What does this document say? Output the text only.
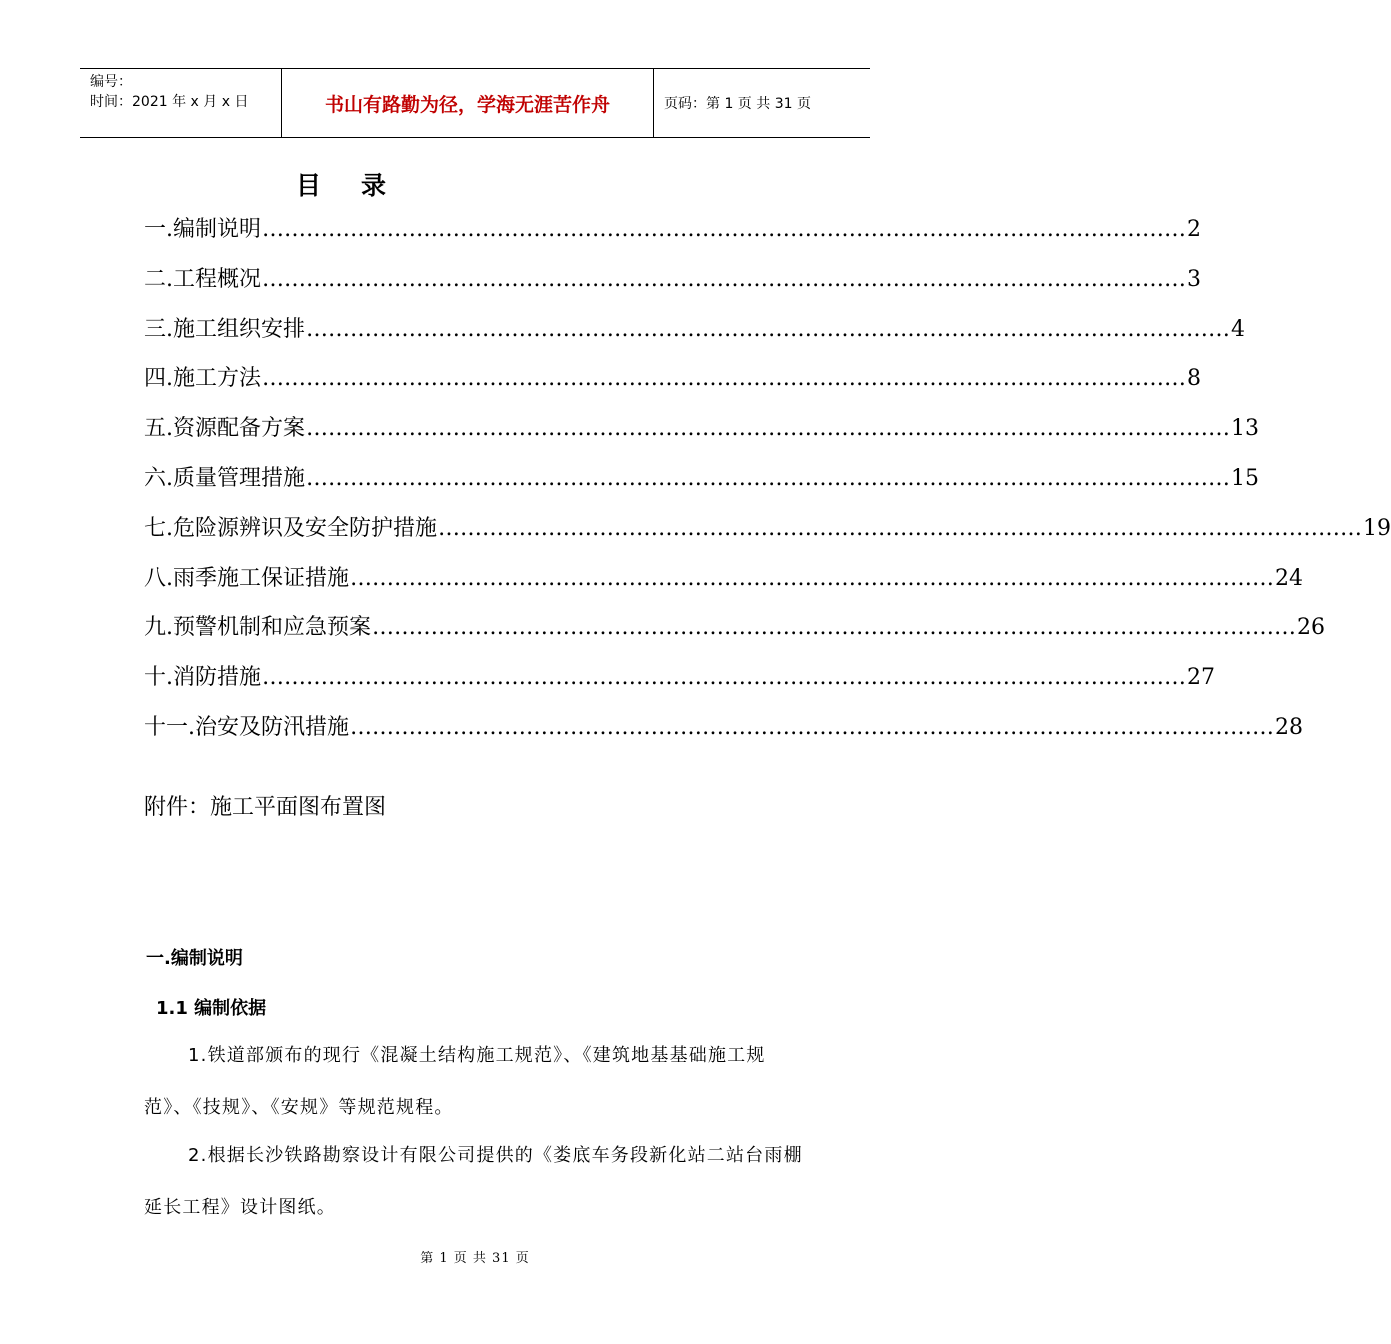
编号：
时间：2021 年 x 月 x 日	书山有路勤为径，学海无涯苦作舟	页码：第 1 页 共 31 页
目 录
一.编制说明 ……………………………………………………………………………………………………………… 2
二.工程概况 ……………………………………………………………………………………………………………… 3
三.施工组织安排 ……………………………………………………………………………………………………………… 4
四.施工方法 ……………………………………………………………………………………………………………… 8
五.资源配备方案 ……………………………………………………………………………………………………………… 13
六.质量管理措施 ……………………………………………………………………………………………………………… 15
七.危险源辨识及安全防护措施 ……………………………………………………………………………………………………………… 19
八.雨季施工保证措施 ……………………………………………………………………………………………………………… 24
九.预警机制和应急预案 ……………………………………………………………………………………………………………… 26
十.消防措施 ……………………………………………………………………………………………………………… 27
十一.治安及防汛措施 ……………………………………………………………………………………………………………… 28
附件：施工平面图布置图
一.编制说明
1.1 编制依据
1.铁道部颁布的现行《混凝土结构施工规范》、《建筑地基基础施工规范》、《技规》、《安规》等规范规程。
2.根据长沙铁路勘察设计有限公司提供的《娄底车务段新化站二站台雨棚延长工程》设计图纸。
第 1 页 共 31 页
